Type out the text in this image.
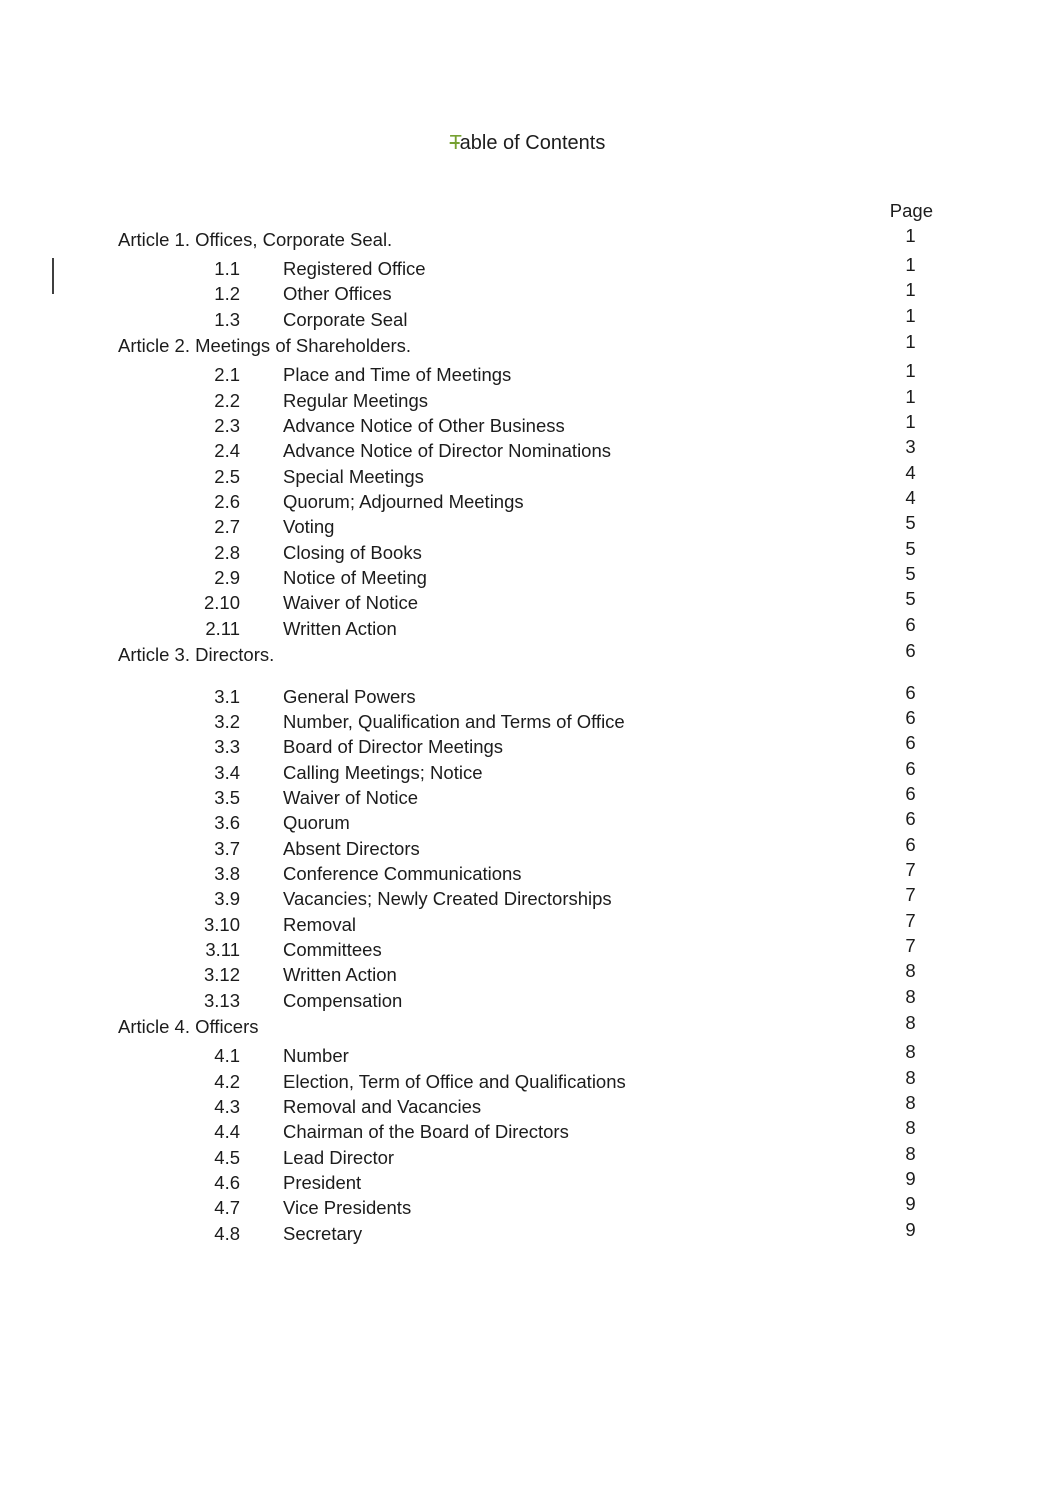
Table of Contents
Page
Article 1. Offices, Corporate Seal.	1
1.1 Registered Office	1
1.2 Other Offices	1
1.3 Corporate Seal	1
Article 2. Meetings of Shareholders.	1
2.1 Place and Time of Meetings	1
2.2 Regular Meetings	1
2.3 Advance Notice of Other Business	1
2.4 Advance Notice of Director Nominations	3
2.5 Special Meetings	4
2.6 Quorum; Adjourned Meetings	4
2.7 Voting	5
2.8 Closing of Books	5
2.9 Notice of Meeting	5
2.10 Waiver of Notice	5
2.11 Written Action	6
Article 3. Directors.	6
3.1 General Powers	6
3.2 Number, Qualification and Terms of Office	6
3.3 Board of Director Meetings	6
3.4 Calling Meetings; Notice	6
3.5 Waiver of Notice	6
3.6 Quorum	6
3.7 Absent Directors	6
3.8 Conference Communications	7
3.9 Vacancies; Newly Created Directorships	7
3.10 Removal	7
3.11 Committees	7
3.12 Written Action	8
3.13 Compensation	8
Article 4. Officers	8
4.1 Number	8
4.2 Election, Term of Office and Qualifications	8
4.3 Removal and Vacancies	8
4.4 Chairman of the Board of Directors	8
4.5 Lead Director	8
4.6 President	9
4.7 Vice Presidents	9
4.8 Secretary	9
